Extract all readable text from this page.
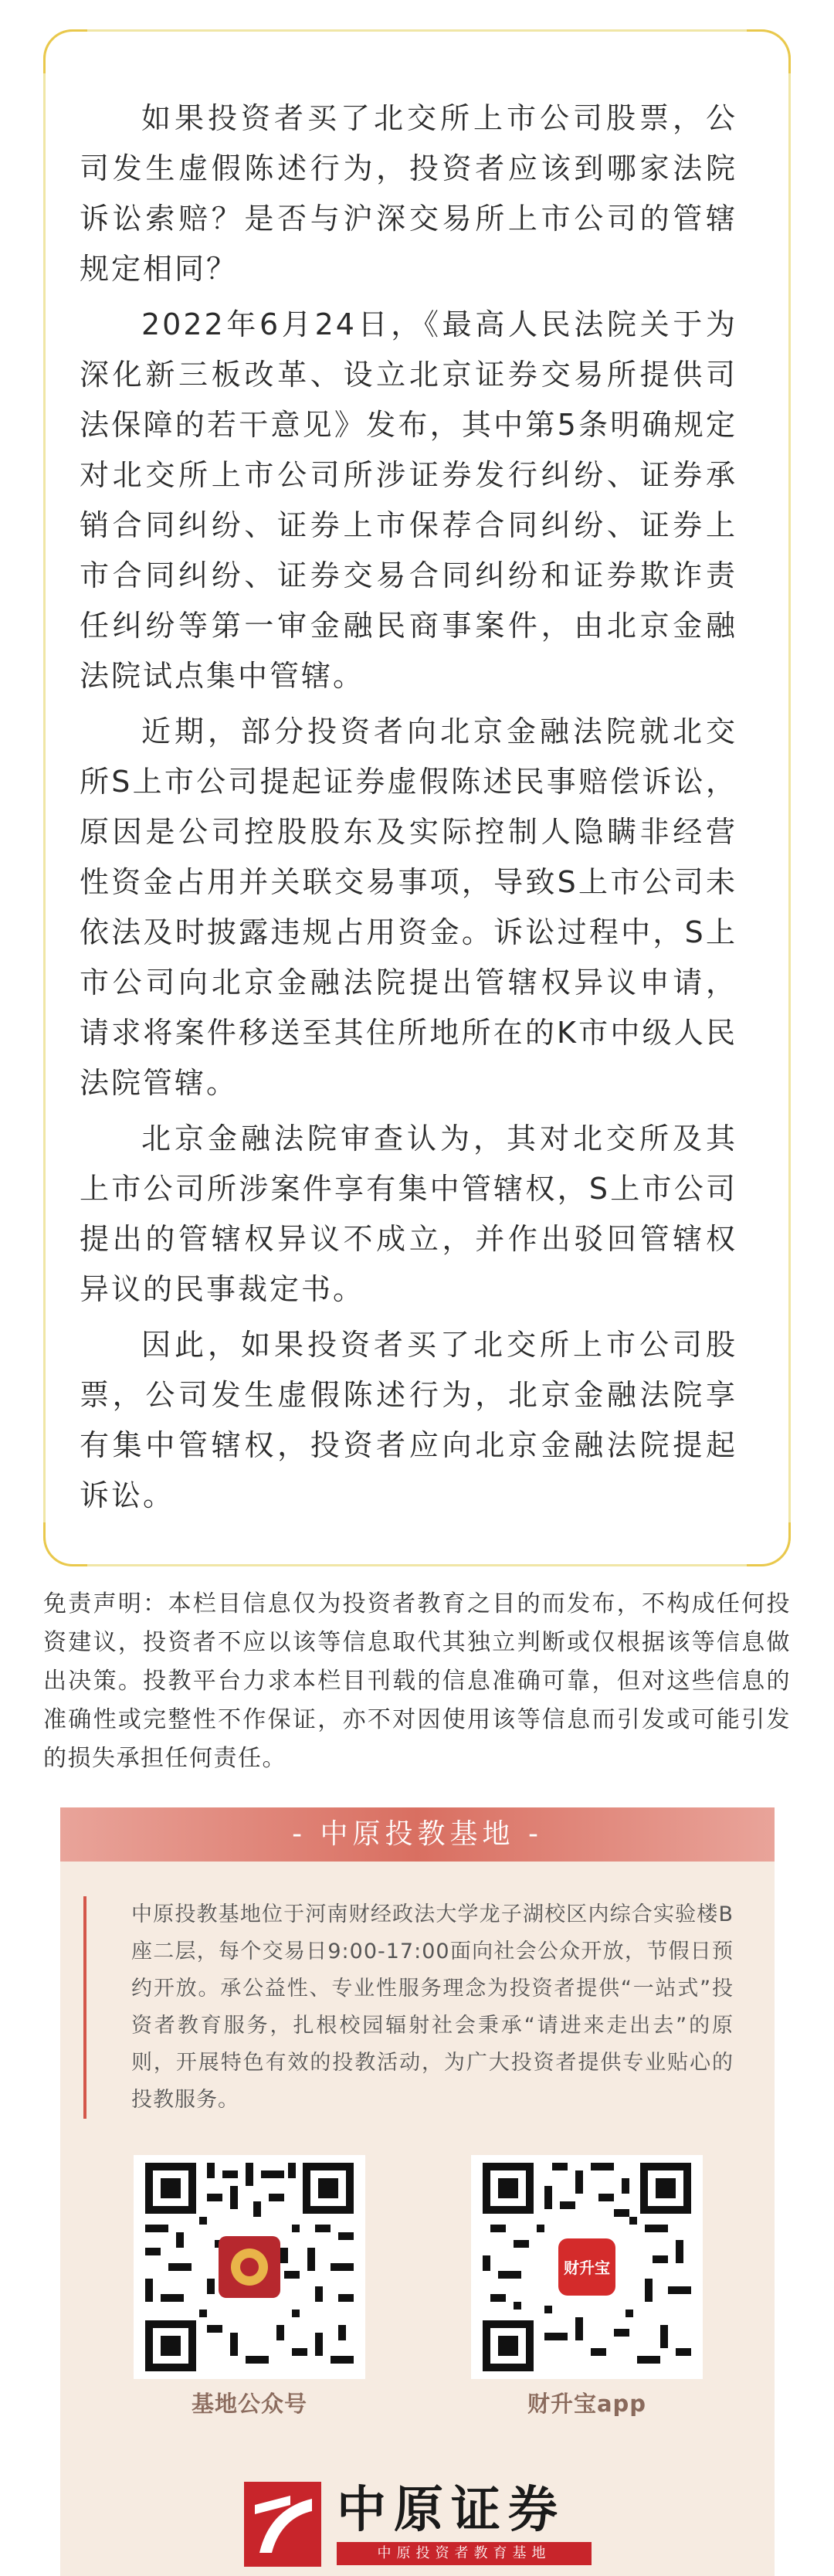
如果投资者买了北交所上市公司股票，公司发生虚假陈述行为，投资者应该到哪家法院诉讼索赔？是否与沪深交易所上市公司的管辖规定相同？

2022年6月24日，《最高人民法院关于为深化新三板改革、设立北京证券交易所提供司法保障的若干意见》发布，其中第5条明确规定对北交所上市公司所涉证券发行纠纷、证券承销合同纠纷、证券上市保荐合同纠纷、证券上市合同纠纷、证券交易合同纠纷和证券欺诈责任纠纷等第一审金融民商事案件，由北京金融法院试点集中管辖。

近期，部分投资者向北京金融法院就北交所S上市公司提起证券虚假陈述民事赔偿诉讼，原因是公司控股股东及实际控制人隐瞒非经营性资金占用并关联交易事项，导致S上市公司未依法及时披露违规占用资金。诉讼过程中，S上市公司向北京金融法院提出管辖权异议申请，请求将案件移送至其住所地所在的K市中级人民法院管辖。

北京金融法院审查认为，其对北交所及其上市公司所涉案件享有集中管辖权，S上市公司提出的管辖权异议不成立，并作出驳回管辖权异议的民事裁定书。

因此，如果投资者买了北交所上市公司股票，公司发生虚假陈述行为，北京金融法院享有集中管辖权，投资者应向北京金融法院提起诉讼。

免责声明：本栏目信息仅为投资者教育之目的而发布，不构成任何投资建议，投资者不应以该等信息取代其独立判断或仅根据该等信息做出决策。投教平台力求本栏目刊载的信息准确可靠，但对这些信息的准确性或完整性不作保证，亦不对因使用该等信息而引发或可能引发的损失承担任何责任。

- 中原投教基地 -

中原投教基地位于河南财经政法大学龙子湖校区内综合实验楼B座二层，每个交易日9:00-17:00面向社会公众开放，节假日预约开放。承公益性、专业性服务理念为投资者提供“一站式”投资者教育服务，扎根校园辐射社会秉承“请进来走出去”的原则，开展特色有效的投教活动，为广大投资者提供专业贴心的投教服务。

基地公众号
财升宝
财升宝app
中原证券
中原投资者教育基地
